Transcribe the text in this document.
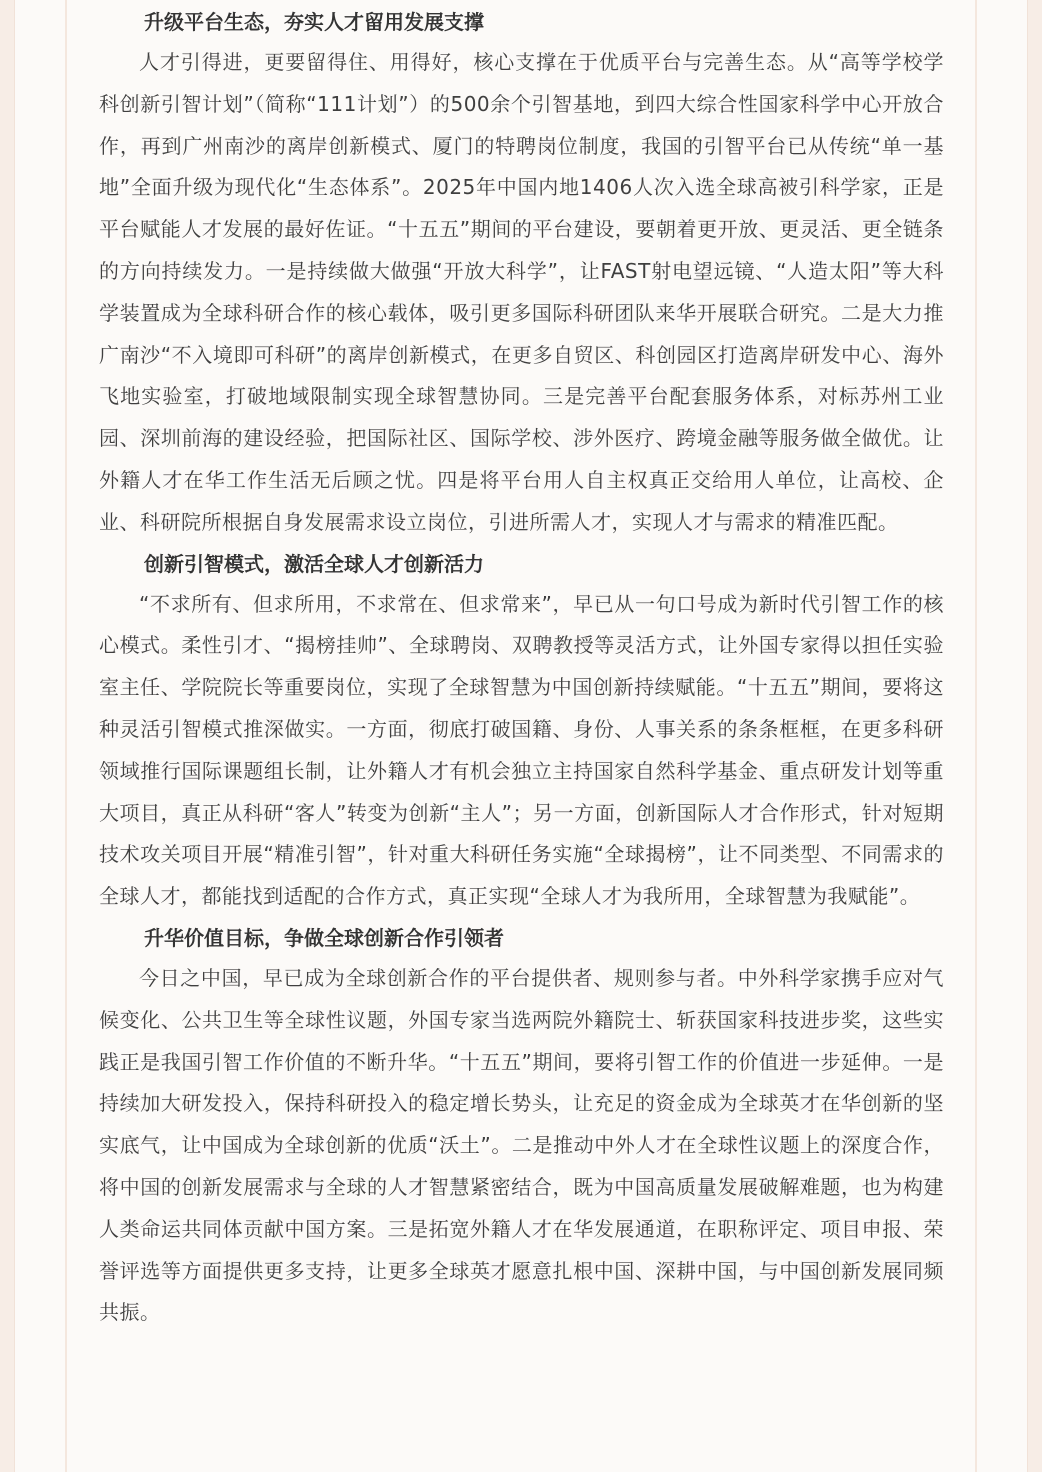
升级平台生态，夯实人才留用发展支撑

人才引得进，更要留得住、用得好，核心支撑在于优质平台与完善生态。从“高等学校学科创新引智计划”（简称“111计划”）的500余个引智基地，到四大综合性国家科学中心开放合作，再到广州南沙的离岸创新模式、厦门的特聘岗位制度，我国的引智平台已从传统“单一基地”全面升级为现代化“生态体系”。2025年中国内地1406人次入选全球高被引科学家，正是平台赋能人才发展的最好佐证。“十五五”期间的平台建设，要朝着更开放、更灵活、更全链条的方向持续发力。一是持续做大做强“开放大科学”，让FAST射电望远镜、“人造太阳”等大科学装置成为全球科研合作的核心载体，吸引更多国际科研团队来华开展联合研究。二是大力推广南沙“不入境即可科研”的离岸创新模式，在更多自贸区、科创园区打造离岸研发中心、海外飞地实验室，打破地域限制实现全球智慧协同。三是完善平台配套服务体系，对标苏州工业园、深圳前海的建设经验，把国际社区、国际学校、涉外医疗、跨境金融等服务做全做优。让外籍人才在华工作生活无后顾之忧。四是将平台用人自主权真正交给用人单位，让高校、企业、科研院所根据自身发展需求设立岗位，引进所需人才，实现人才与需求的精准匹配。

创新引智模式，激活全球人才创新活力

“不求所有、但求所用，不求常在、但求常来”，早已从一句口号成为新时代引智工作的核心模式。柔性引才、“揭榜挂帅”、全球聘岗、双聘教授等灵活方式，让外国专家得以担任实验室主任、学院院长等重要岗位，实现了全球智慧为中国创新持续赋能。“十五五”期间，要将这种灵活引智模式推深做实。一方面，彻底打破国籍、身份、人事关系的条条框框，在更多科研领域推行国际课题组长制，让外籍人才有机会独立主持国家自然科学基金、重点研发计划等重大项目，真正从科研“客人”转变为创新“主人”；另一方面，创新国际人才合作形式，针对短期技术攻关项目开展“精准引智”，针对重大科研任务实施“全球揭榜”，让不同类型、不同需求的全球人才，都能找到适配的合作方式，真正实现“全球人才为我所用，全球智慧为我赋能”。

升华价值目标，争做全球创新合作引领者

今日之中国，早已成为全球创新合作的平台提供者、规则参与者。中外科学家携手应对气候变化、公共卫生等全球性议题，外国专家当选两院外籍院士、斩获国家科技进步奖，这些实践正是我国引智工作价值的不断升华。“十五五”期间，要将引智工作的价值进一步延伸。一是持续加大研发投入，保持科研投入的稳定增长势头，让充足的资金成为全球英才在华创新的坚实底气，让中国成为全球创新的优质“沃土”。二是推动中外人才在全球性议题上的深度合作，将中国的创新发展需求与全球的人才智慧紧密结合，既为中国高质量发展破解难题，也为构建人类命运共同体贡献中国方案。三是拓宽外籍人才在华发展通道，在职称评定、项目申报、荣誉评选等方面提供更多支持，让更多全球英才愿意扎根中国、深耕中国，与中国创新发展同频共振。
